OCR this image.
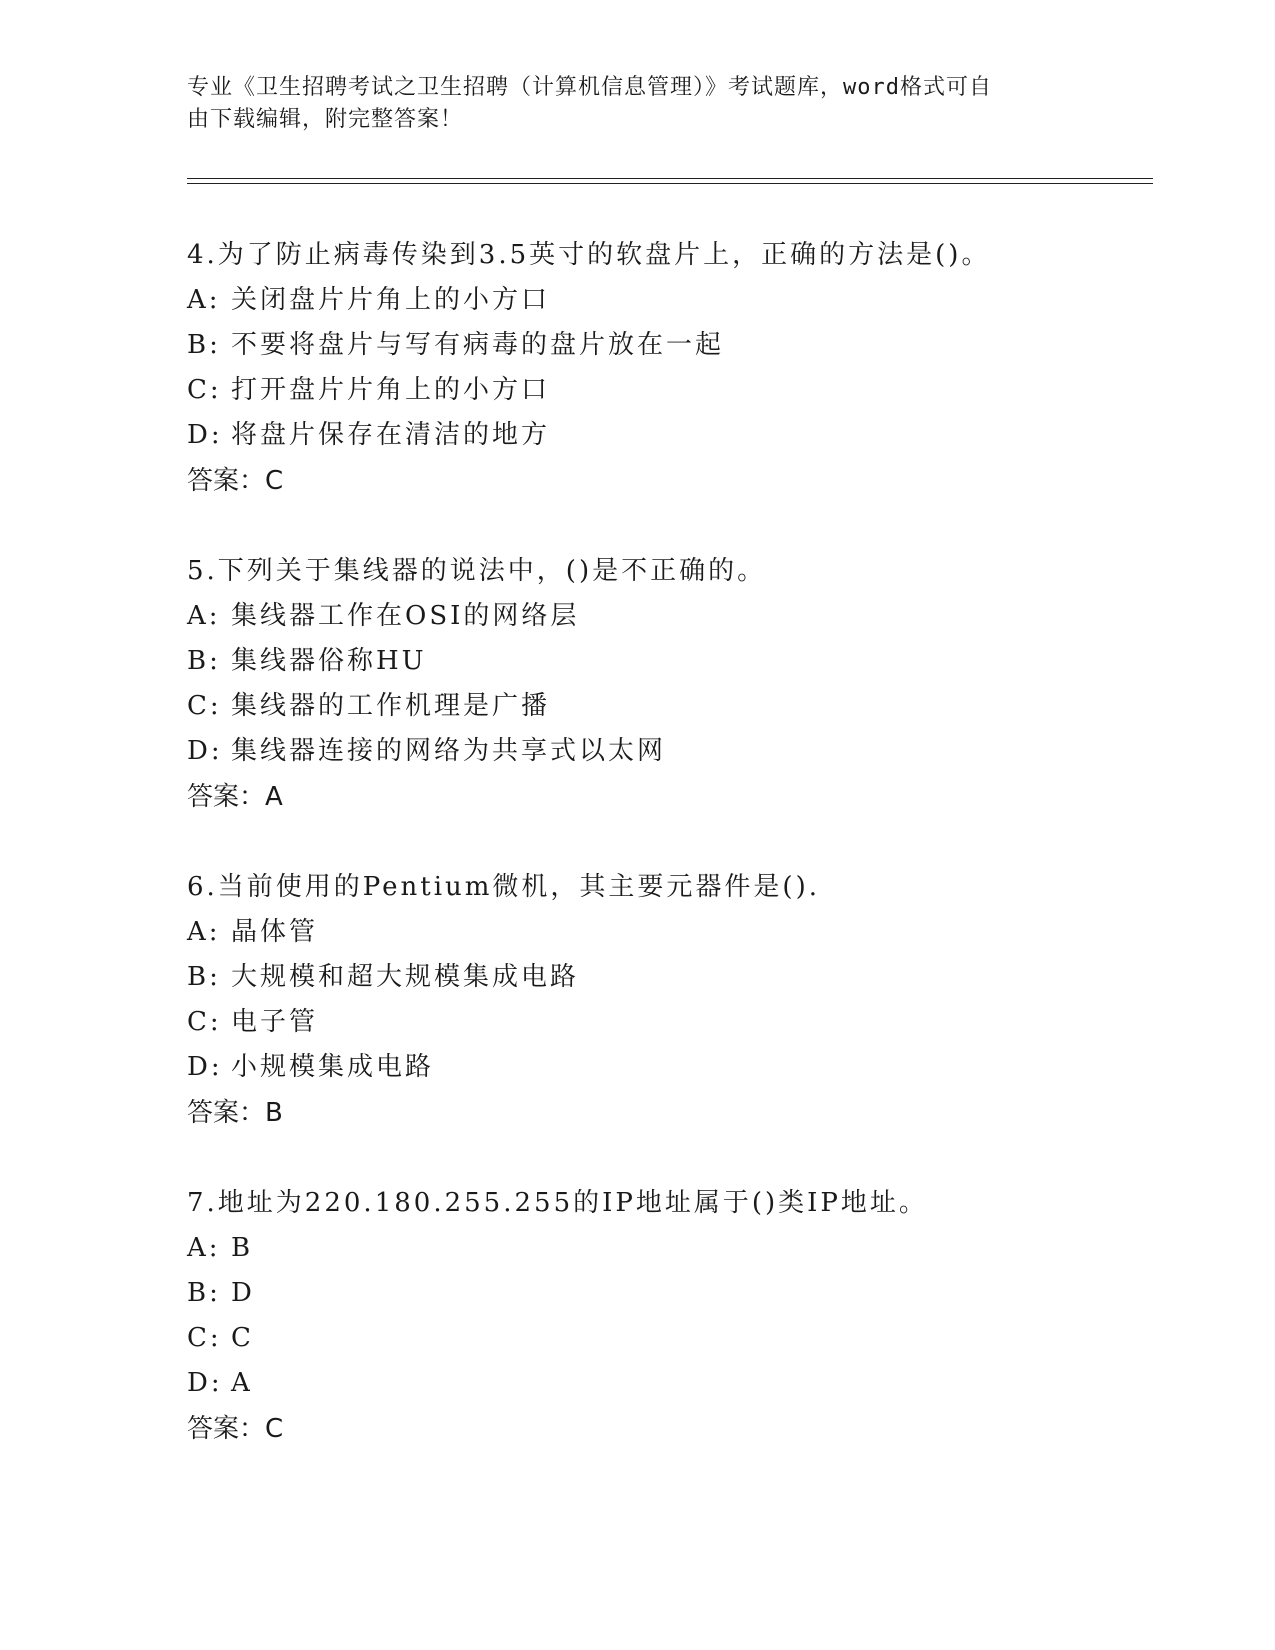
专业《卫生招聘考试之卫生招聘（计算机信息管理）》考试题库，word格式可自
由下载编辑，附完整答案！
4.为了防止病毒传染到3.5英寸的软盘片上，正确的方法是()。
A: 关闭盘片片角上的小方口
B: 不要将盘片与写有病毒的盘片放在一起
C: 打开盘片片角上的小方口
D: 将盘片保存在清洁的地方
答案：C
5.下列关于集线器的说法中，()是不正确的。
A: 集线器工作在OSI的网络层
B: 集线器俗称HU
C: 集线器的工作机理是广播
D: 集线器连接的网络为共享式以太网
答案：A
6.当前使用的Pentium微机，其主要元器件是().
A: 晶体管
B: 大规模和超大规模集成电路
C: 电子管
D: 小规模集成电路
答案：B
7.地址为220.180.255.255的IP地址属于()类IP地址。
A: B
B: D
C: C
D: A
答案：C
